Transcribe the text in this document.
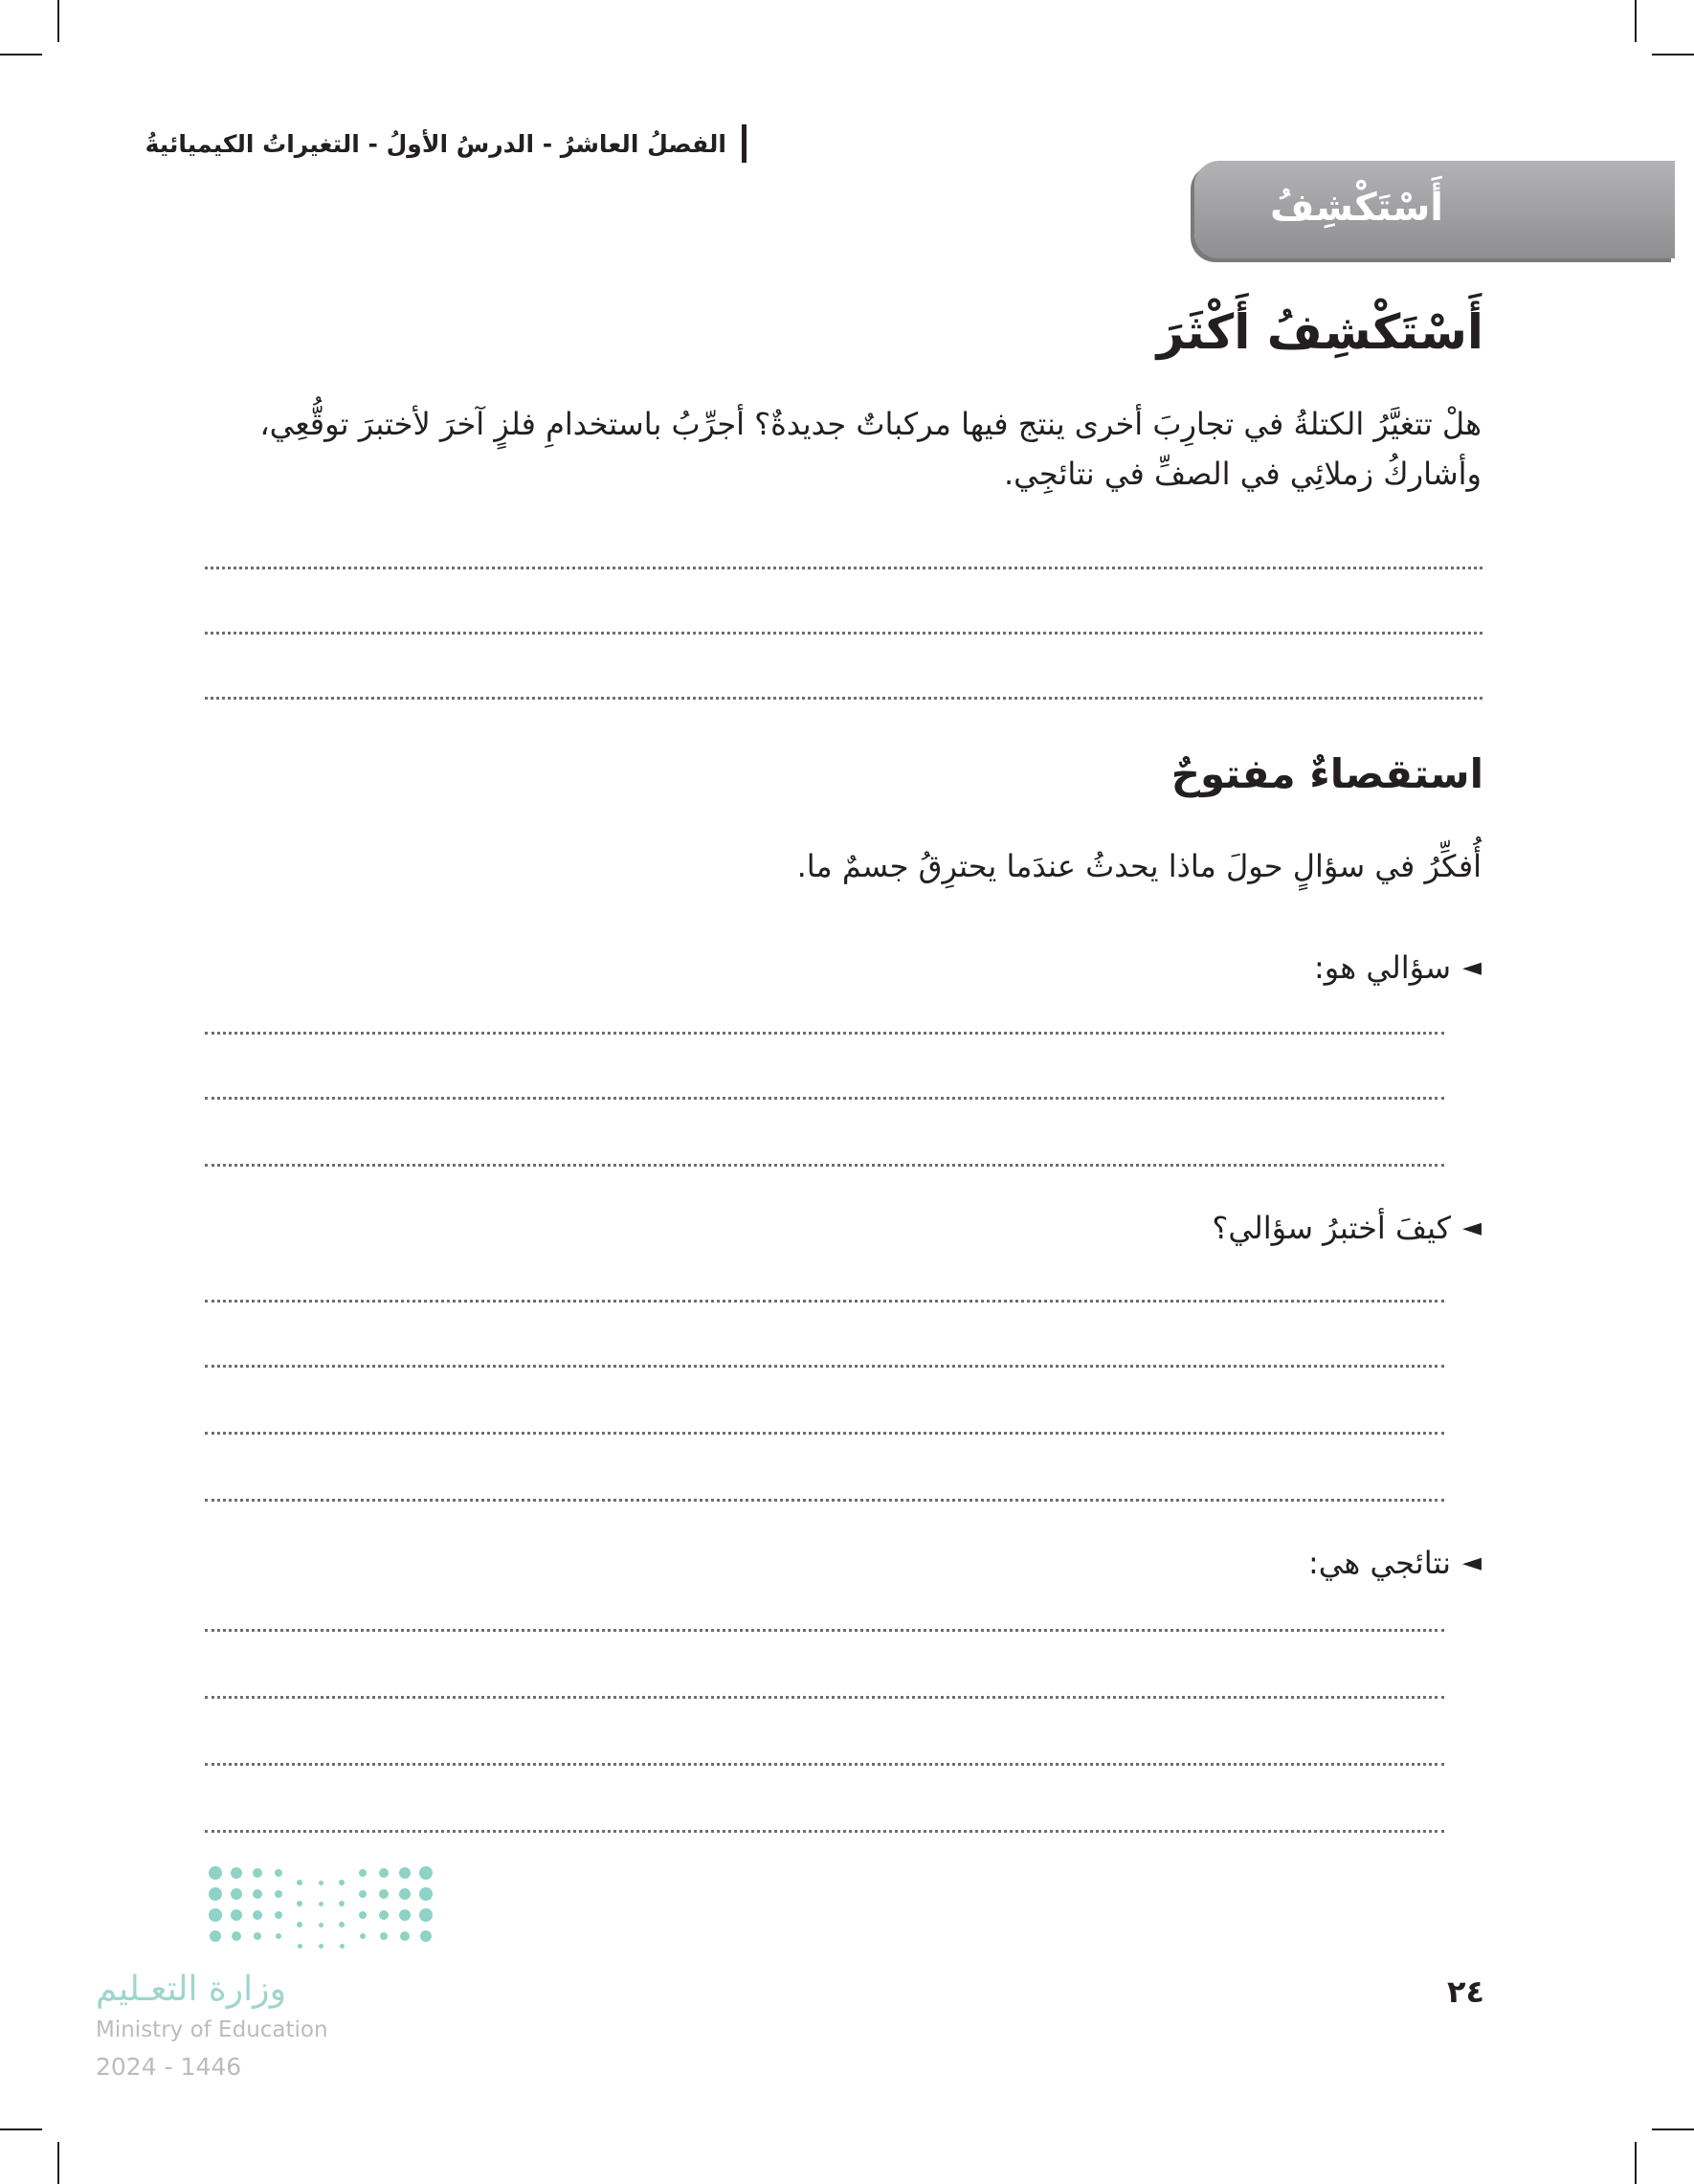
الفصلُ العاشرُ - الدرسُ الأولُ - التغيراتُ الكيميائيةُ
أَسْتَكْشِفُ
أَسْتَكْشِفُ أَكْثَرَ
هلْ تتغيَّرُ الكتلةُ في تجارِبَ أخرى ينتج فيها مركباتٌ جديدةٌ؟ أجرِّبُ باستخدامِ فلزٍ آخرَ لأختبرَ توقُّعِي، وأشاركُ زملائِي في الصفِّ في نتائجِي.
استقصاءٌ مفتوحٌ
أُفكِّرُ في سؤالٍ حولَ ماذا يحدثُ عندَما يحترِقُ جسمٌ ما.
◄
سؤالي هو:
◄
كيفَ أختبرُ سؤالي؟
◄
نتائجي هي:
وزارة التعـليم
Ministry of Education
2024 - 1446
٢٤
